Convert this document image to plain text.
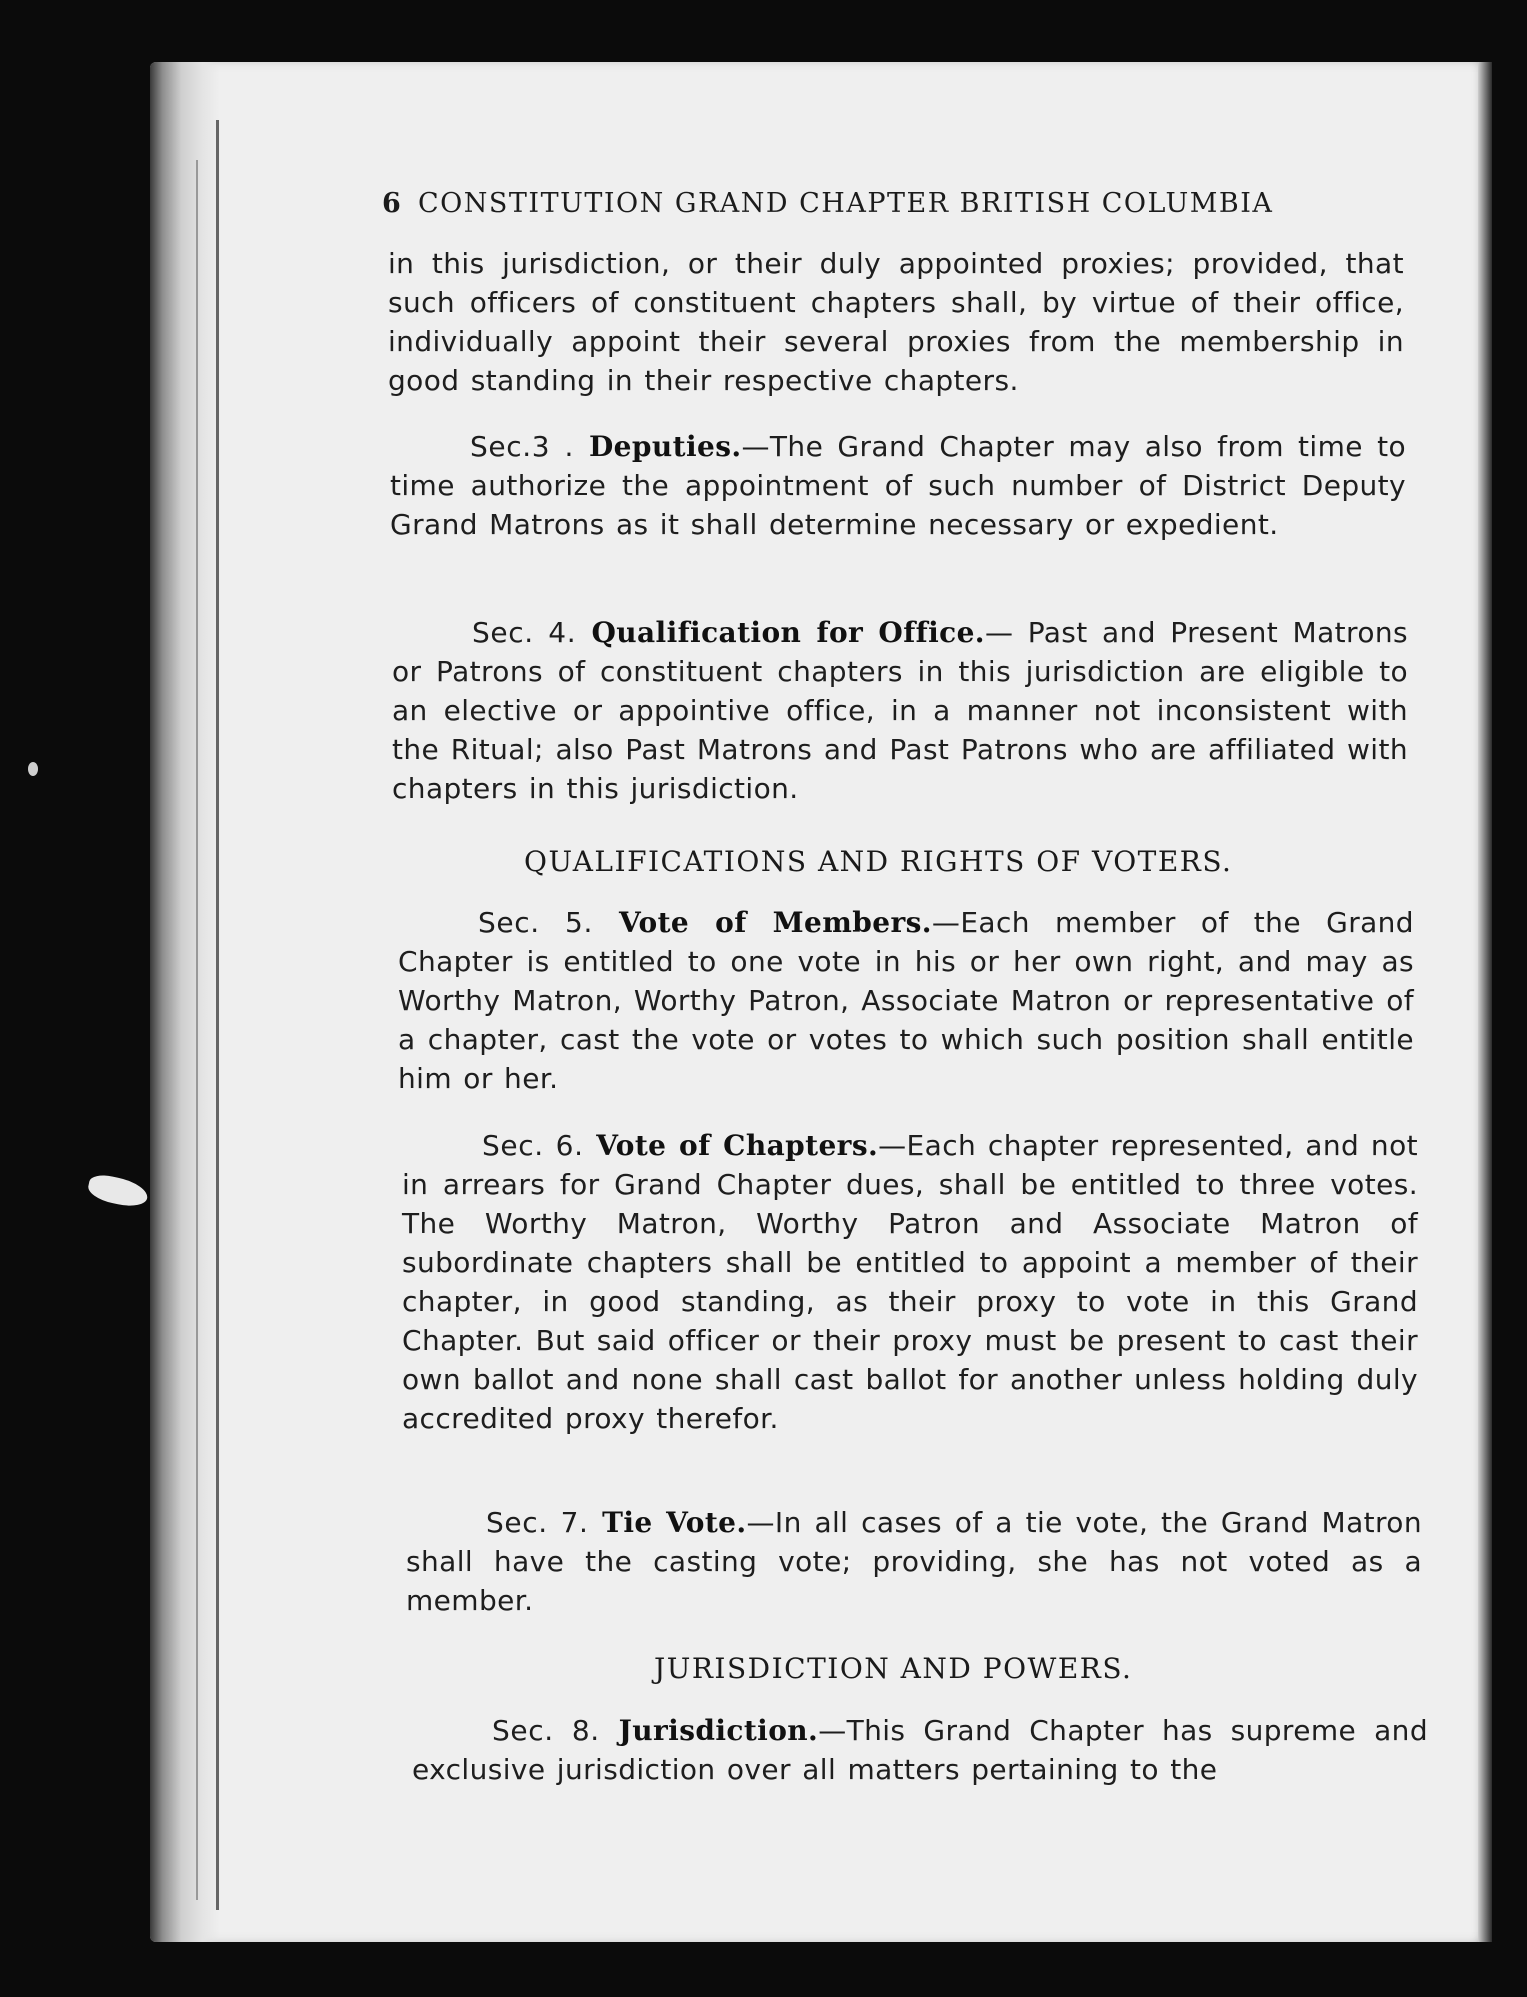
6 CONSTITUTION GRAND CHAPTER BRITISH COLUMBIA
in this jurisdiction, or their duly appointed proxies; provided, that such officers of constituent chapters shall, by virtue of their office, individually appoint their several proxies from the membership in good standing in their respective chapters.
Sec.3 . Deputies.—The Grand Chapter may also from time to time authorize the appointment of such number of District Deputy Grand Matrons as it shall determine necessary or expedient.
Sec. 4. Qualification for Office.— Past and Present Matrons or Patrons of constituent chapters in this jurisdiction are eligible to an elective or appointive office, in a manner not inconsistent with the Ritual; also Past Matrons and Past Patrons who are affiliated with chapters in this jurisdiction.
QUALIFICATIONS AND RIGHTS OF VOTERS.
Sec. 5. Vote of Members.—Each member of the Grand Chapter is entitled to one vote in his or her own right, and may as Worthy Matron, Worthy Patron, Associate Matron or representative of a chapter, cast the vote or votes to which such position shall entitle him or her.
Sec. 6. Vote of Chapters.—Each chapter represented, and not in arrears for Grand Chapter dues, shall be entitled to three votes. The Worthy Matron, Worthy Patron and Associate Matron of subordinate chapters shall be entitled to appoint a member of their chapter, in good standing, as their proxy to vote in this Grand Chapter. But said officer or their proxy must be present to cast their own ballot and none shall cast ballot for another unless holding duly accredited proxy therefor.
Sec. 7. Tie Vote.—In all cases of a tie vote, the Grand Matron shall have the casting vote; providing, she has not voted as a member.
JURISDICTION AND POWERS.
Sec. 8. Jurisdiction.—This Grand Chapter has supreme and exclusive jurisdiction over all matters pertaining to the
